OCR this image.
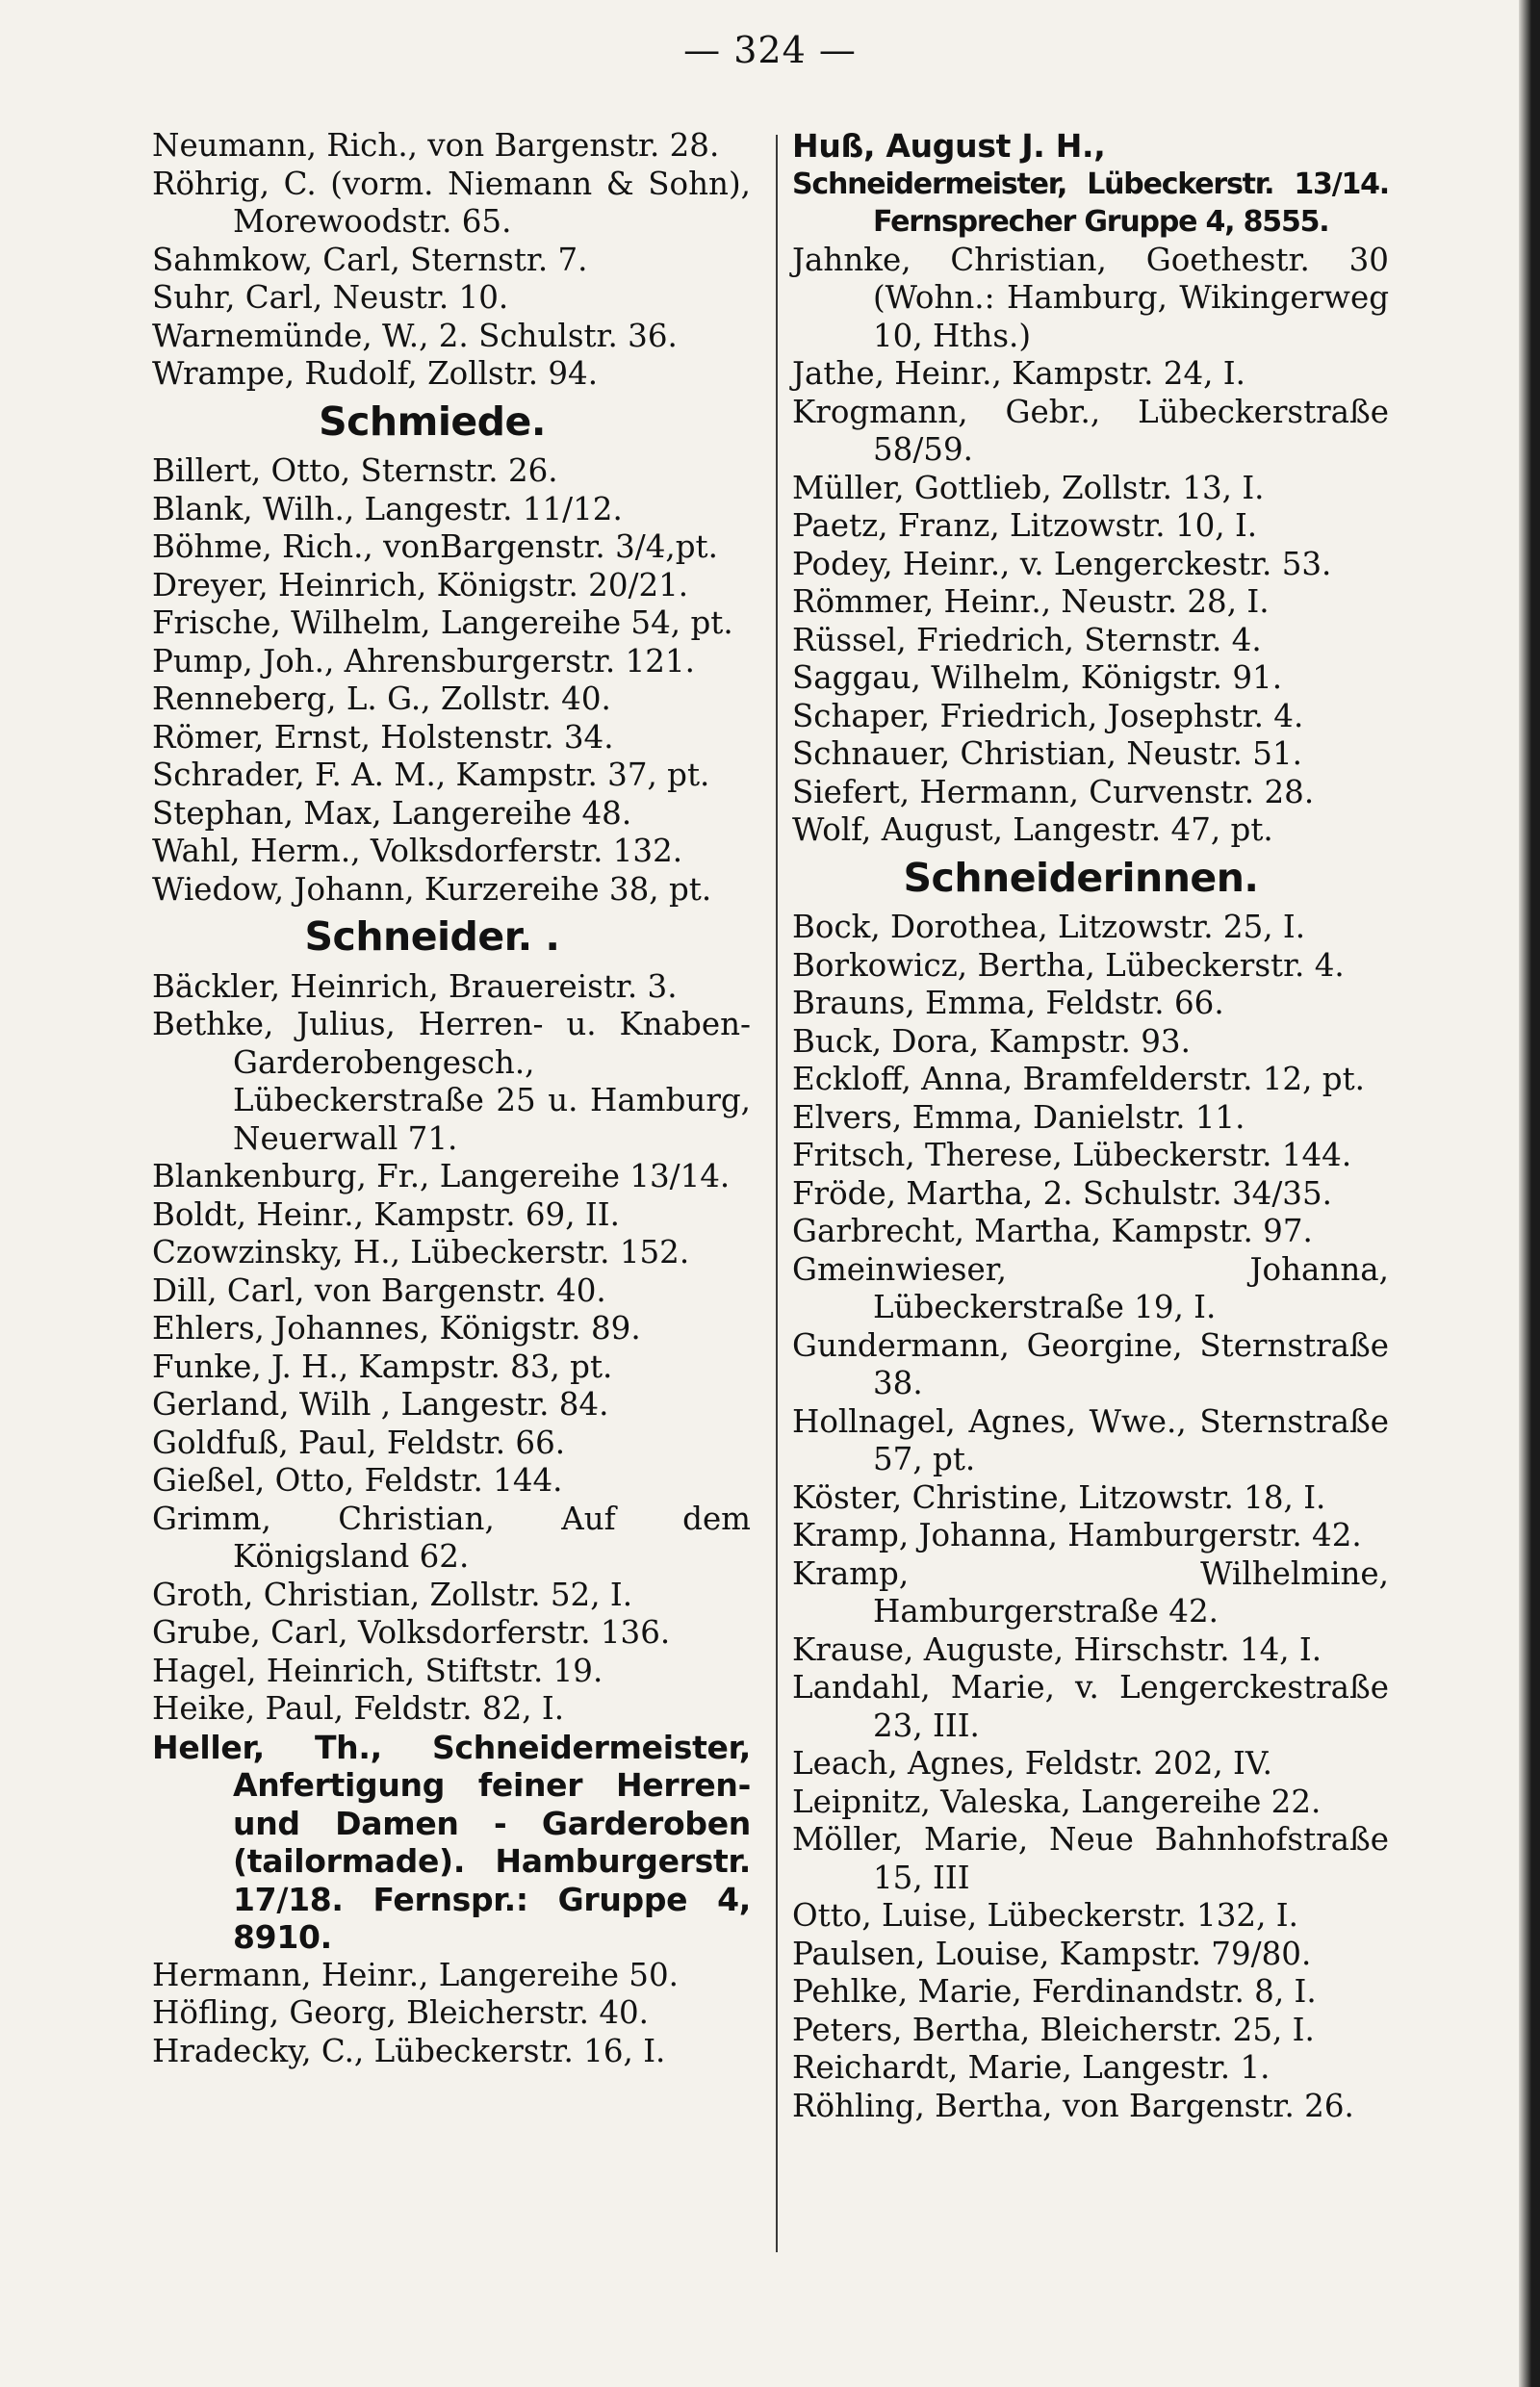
— 324 —
Neumann, Rich., von Bargenstr. 28.
Röhrig, C. (vorm. Niemann & Sohn), Morewoodstr. 65.
Sahmkow, Carl, Sternstr. 7.
Suhr, Carl, Neustr. 10.
Warnemünde, W., 2. Schulstr. 36.
Wrampe, Rudolf, Zollstr. 94.
Schmiede.
Billert, Otto, Sternstr. 26.
Blank, Wilh., Langestr. 11/12.
Böhme, Rich., vonBargenstr. 3/4,pt.
Dreyer, Heinrich, Königstr. 20/21.
Frische, Wilhelm, Langereihe 54, pt.
Pump, Joh., Ahrensburgerstr. 121.
Renneberg, L. G., Zollstr. 40.
Römer, Ernst, Holstenstr. 34.
Schrader, F. A. M., Kampstr. 37, pt.
Stephan, Max, Langereihe 48.
Wahl, Herm., Volksdorferstr. 132.
Wiedow, Johann, Kurzereihe 38, pt.
Schneider. .
Bäckler, Heinrich, Brauereistr. 3.
Bethke, Julius, Herren- u. Knaben-Garderobengesch., Lübeckerstraße 25 u. Hamburg, Neuerwall 71.
Blankenburg, Fr., Langereihe 13/14.
Boldt, Heinr., Kampstr. 69, II.
Czowzinsky, H., Lübeckerstr. 152.
Dill, Carl, von Bargenstr. 40.
Ehlers, Johannes, Königstr. 89.
Funke, J. H., Kampstr. 83, pt.
Gerland, Wilh , Langestr. 84.
Goldfuß, Paul, Feldstr. 66.
Gießel, Otto, Feldstr. 144.
Grimm, Christian, Auf dem Königsland 62.
Groth, Christian, Zollstr. 52, I.
Grube, Carl, Volksdorferstr. 136.
Hagel, Heinrich, Stiftstr. 19.
Heike, Paul, Feldstr. 82, I.
Heller, Th., Schneidermeister, Anfertigung feiner Herren- und Damen - Garderoben (tailormade). Hamburgerstr. 17/18. Fernspr.: Gruppe 4, 8910.
Hermann, Heinr., Langereihe 50.
Höfling, Georg, Bleicherstr. 40.
Hradecky, C., Lübeckerstr. 16, I.
Huß, August J. H.,
Schneidermeister, Lübeckerstr. 13/14. Fernsprecher Gruppe 4, 8555.
Jahnke, Christian, Goethestr. 30 (Wohn.: Hamburg, Wikingerweg 10, Hths.)
Jathe, Heinr., Kampstr. 24, I.
Krogmann, Gebr., Lübeckerstraße 58/59.
Müller, Gottlieb, Zollstr. 13, I.
Paetz, Franz, Litzowstr. 10, I.
Podey, Heinr., v. Lengerckestr. 53.
Römmer, Heinr., Neustr. 28, I.
Rüssel, Friedrich, Sternstr. 4.
Saggau, Wilhelm, Königstr. 91.
Schaper, Friedrich, Josephstr. 4.
Schnauer, Christian, Neustr. 51.
Siefert, Hermann, Curvenstr. 28.
Wolf, August, Langestr. 47, pt.
Schneiderinnen.
Bock, Dorothea, Litzowstr. 25, I.
Borkowicz, Bertha, Lübeckerstr. 4.
Brauns, Emma, Feldstr. 66.
Buck, Dora, Kampstr. 93.
Eckloff, Anna, Bramfelderstr. 12, pt.
Elvers, Emma, Danielstr. 11.
Fritsch, Therese, Lübeckerstr. 144.
Fröde, Martha, 2. Schulstr. 34/35.
Garbrecht, Martha, Kampstr. 97.
Gmeinwieser, Johanna, Lübeckerstraße 19, I.
Gundermann, Georgine, Sternstraße 38.
Hollnagel, Agnes, Wwe., Sternstraße 57, pt.
Köster, Christine, Litzowstr. 18, I.
Kramp, Johanna, Hamburgerstr. 42.
Kramp, Wilhelmine, Hamburgerstraße 42.
Krause, Auguste, Hirschstr. 14, I.
Landahl, Marie, v. Lengerckestraße 23, III.
Leach, Agnes, Feldstr. 202, IV.
Leipnitz, Valeska, Langereihe 22.
Möller, Marie, Neue Bahnhofstraße 15, III
Otto, Luise, Lübeckerstr. 132, I.
Paulsen, Louise, Kampstr. 79/80.
Pehlke, Marie, Ferdinandstr. 8, I.
Peters, Bertha, Bleicherstr. 25, I.
Reichardt, Marie, Langestr. 1.
Röhling, Bertha, von Bargenstr. 26.
